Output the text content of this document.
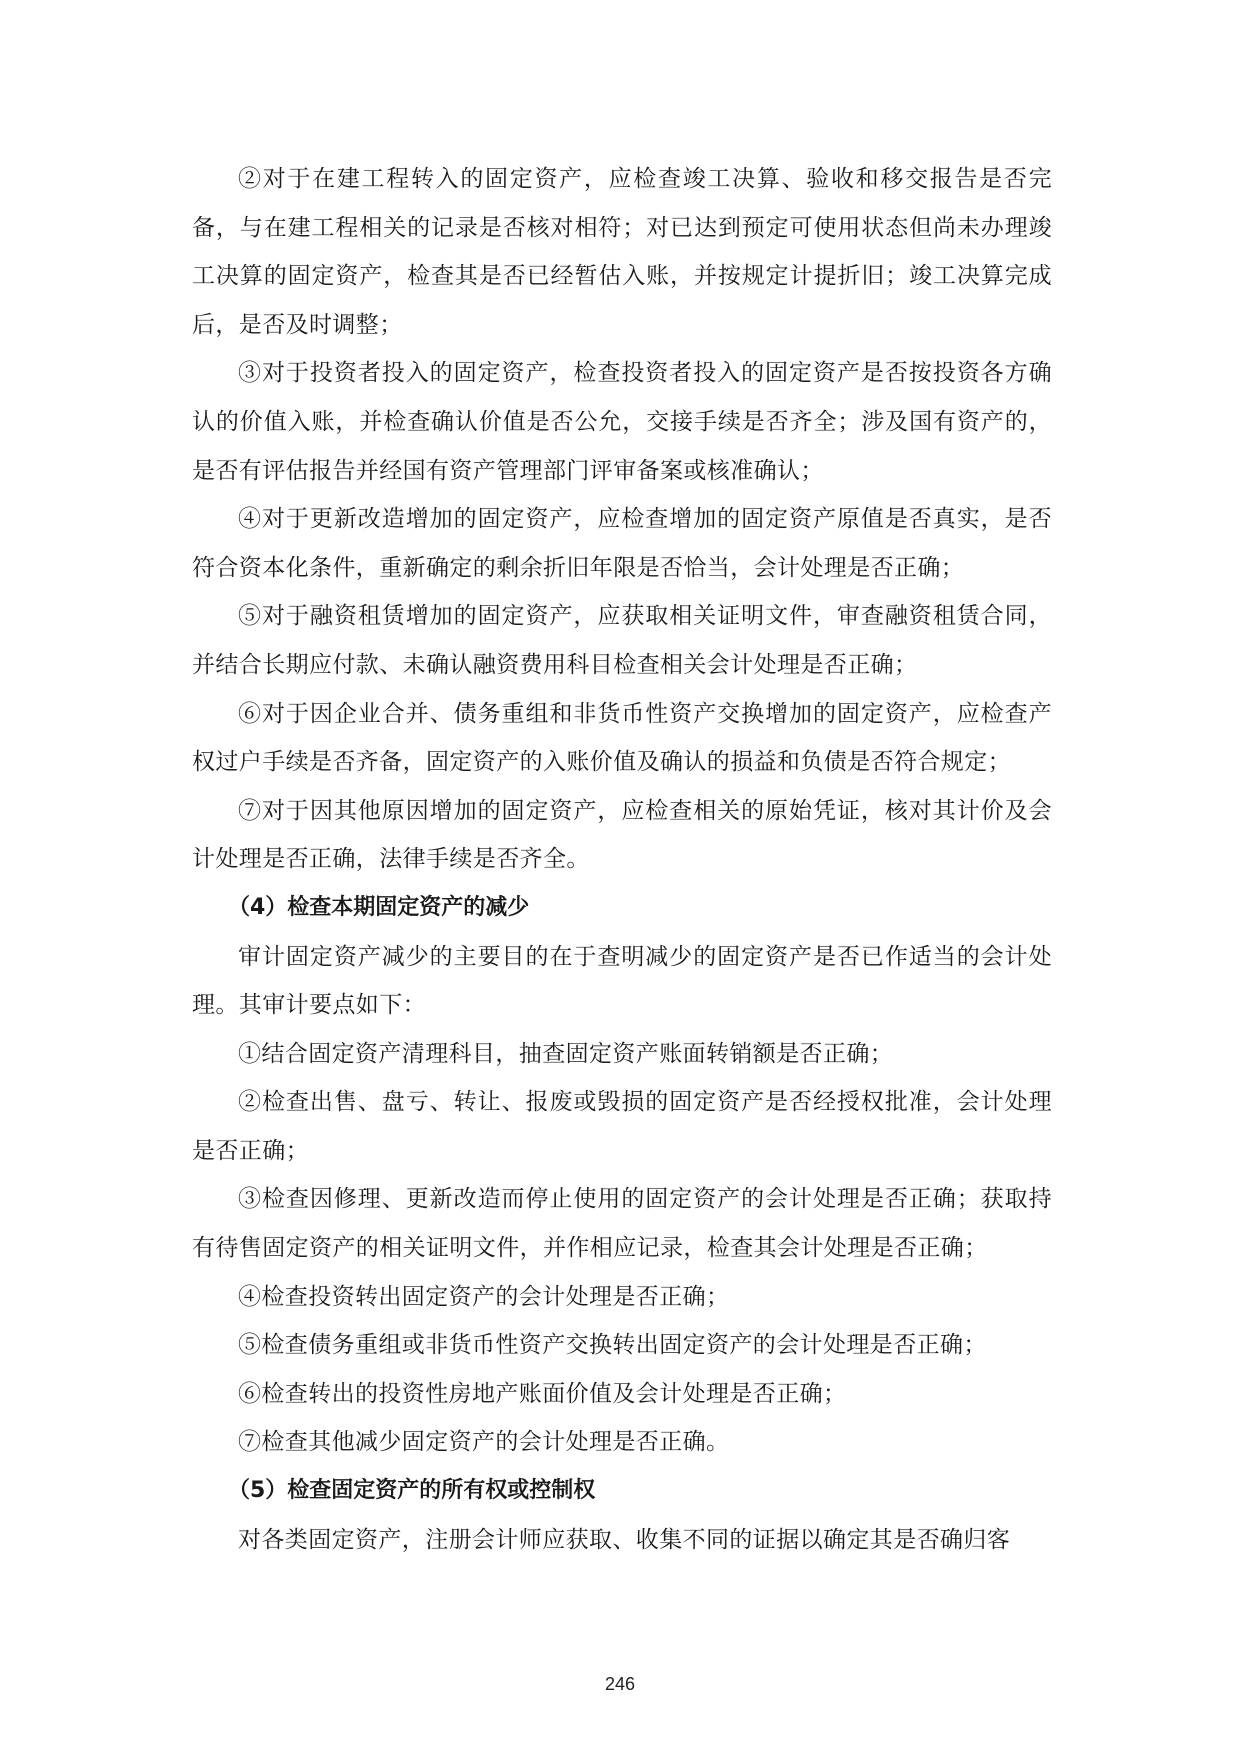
②对于在建工程转入的固定资产，应检查竣工决算、验收和移交报告是否完备，与在建工程相关的记录是否核对相符；对已达到预定可使用状态但尚未办理竣工决算的固定资产，检查其是否已经暂估入账，并按规定计提折旧；竣工决算完成后，是否及时调整；

③对于投资者投入的固定资产，检查投资者投入的固定资产是否按投资各方确认的价值入账，并检查确认价值是否公允，交接手续是否齐全；涉及国有资产的，是否有评估报告并经国有资产管理部门评审备案或核准确认；

④对于更新改造增加的固定资产，应检查增加的固定资产原值是否真实，是否符合资本化条件，重新确定的剩余折旧年限是否恰当，会计处理是否正确；

⑤对于融资租赁增加的固定资产，应获取相关证明文件，审查融资租赁合同，并结合长期应付款、未确认融资费用科目检查相关会计处理是否正确；

⑥对于因企业合并、债务重组和非货币性资产交换增加的固定资产，应检查产权过户手续是否齐备，固定资产的入账价值及确认的损益和负债是否符合规定；

⑦对于因其他原因增加的固定资产，应检查相关的原始凭证，核对其计价及会计处理是否正确，法律手续是否齐全。

（4）检查本期固定资产的减少

审计固定资产减少的主要目的在于查明减少的固定资产是否已作适当的会计处理。其审计要点如下：

①结合固定资产清理科目，抽查固定资产账面转销额是否正确；

②检查出售、盘亏、转让、报废或毁损的固定资产是否经授权批准，会计处理是否正确；

③检查因修理、更新改造而停止使用的固定资产的会计处理是否正确；获取持有待售固定资产的相关证明文件，并作相应记录，检查其会计处理是否正确；

④检查投资转出固定资产的会计处理是否正确；

⑤检查债务重组或非货币性资产交换转出固定资产的会计处理是否正确；

⑥检查转出的投资性房地产账面价值及会计处理是否正确；

⑦检查其他减少固定资产的会计处理是否正确。

（5）检查固定资产的所有权或控制权

对各类固定资产，注册会计师应获取、收集不同的证据以确定其是否确归客

246
